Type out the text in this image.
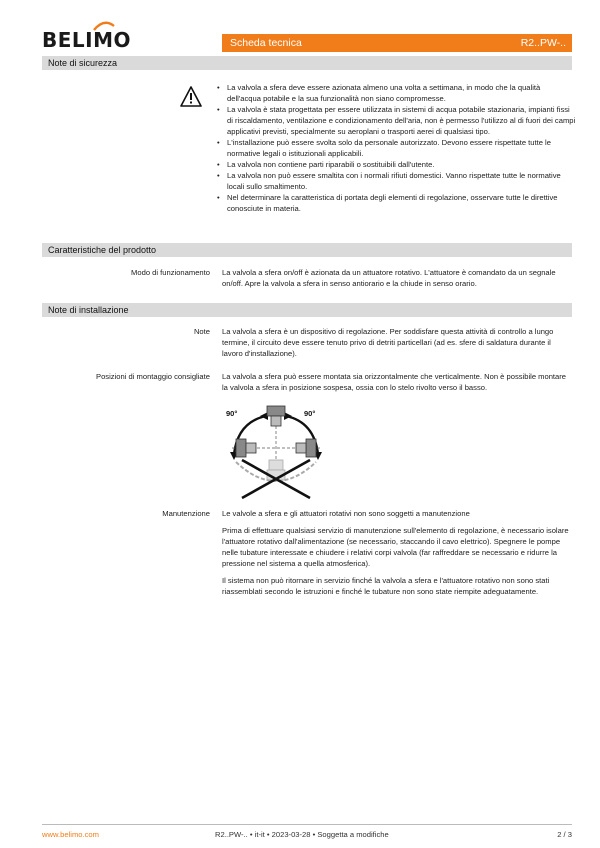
BELIMO	Scheda tecnica	R2..PW-..
Note di sicurezza
• La valvola a sfera deve essere azionata almeno una volta a settimana, in modo che la qualità dell'acqua potabile e la sua funzionalità non siano compromesse.
• La valvola è stata progettata per essere utilizzata in sistemi di acqua potabile stazionaria, impianti fissi di riscaldamento, ventilazione e condizionamento dell'aria, non è permesso l'utilizzo al di fuori dei campi applicativi previsti, specialmente su aeroplani o trasporti aerei di qualsiasi tipo.
• L'installazione può essere svolta solo da personale autorizzato. Devono essere rispettate tutte le normative legali o istituzionali applicabili.
• La valvola non contiene parti riparabili o sostituibili dall'utente.
• La valvola non può essere smaltita con i normali rifiuti domestici. Vanno rispettate tutte le normative locali sullo smaltimento.
• Nel determinare la caratteristica di portata degli elementi di regolazione, osservare tutte le direttive conosciute in materia.
Caratteristiche del prodotto
Modo di funzionamento La valvola a sfera on/off è azionata da un attuatore rotativo. L'attuatore è comandato da un segnale on/off. Apre la valvola a sfera in senso antiorario e la chiude in senso orario.

Note di installazione
Note La valvola a sfera è un dispositivo di regolazione. Per soddisfare questa attività di controllo a lungo termine, il circuito deve essere tenuto privo di detriti particellari (ad es. sfere di saldatura durante il lavoro d'installazione).

Posizioni di montaggio consigliate La valvola a sfera può essere montata sia orizzontalmente che verticalmente. Non è possibile montare la valvola a sfera in posizione sospesa, ossia con lo stelo rivolto verso il basso.

90°	90°
Manutenzione Le valvole a sfera e gli attuatori rotativi non sono soggetti a manutenzione

Prima di effettuare qualsiasi servizio di manutenzione sull'elemento di regolazione, è necessario isolare l'attuatore rotativo dall'alimentazione (se necessario, staccando il cavo elettrico). Spegnere le pompe nelle tubature interessate e chiudere i relativi corpi valvola (far raffreddare se necessario e ridurre la pressione nel sistema a quella atmosferica).

Il sistema non può ritornare in servizio finché la valvola a sfera e l'attuatore rotativo non sono stati riassemblati secondo le istruzioni e finché le tubature non sono state riempite adeguatamente.

www.belimo.com	R2..PW-.. • it-it • 2023-03-28 • Soggetta a modifiche	2 / 3
